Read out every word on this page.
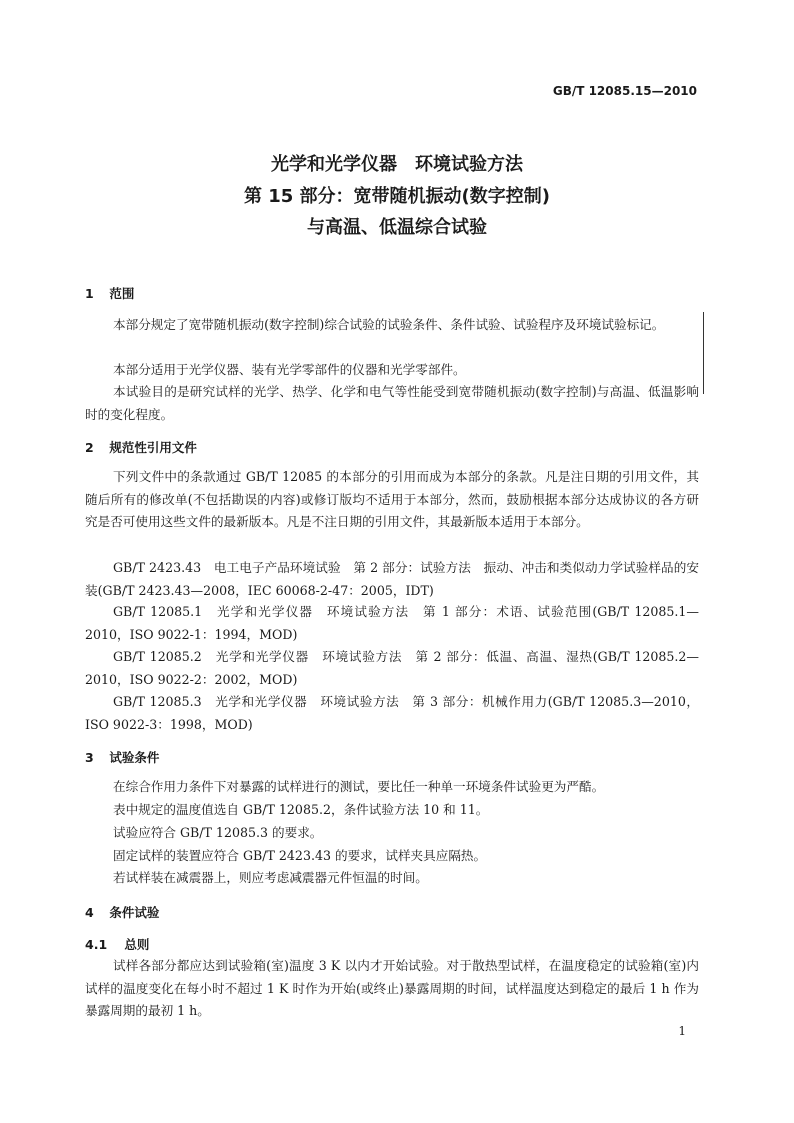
GB/T 12085.15—2010
光学和光学仪器　环境试验方法
第 15 部分：宽带随机振动(数字控制)
与高温、低温综合试验
1 范围

本部分规定了宽带随机振动(数字控制)综合试验的试验条件、条件试验、试验程序及环境试验标记。

本部分适用于光学仪器、装有光学零部件的仪器和光学零部件。

本试验目的是研究试样的光学、热学、化学和电气等性能受到宽带随机振动(数字控制)与高温、低温影响时的变化程度。

2 规范性引用文件

下列文件中的条款通过 GB/T 12085 的本部分的引用而成为本部分的条款。凡是注日期的引用文件，其随后所有的修改单(不包括勘误的内容)或修订版均不适用于本部分，然而，鼓励根据本部分达成协议的各方研究是否可使用这些文件的最新版本。凡是不注日期的引用文件，其最新版本适用于本部分。

GB/T 2423.43　电工电子产品环境试验　第 2 部分：试验方法　振动、冲击和类似动力学试验样品的安装(GB/T 2423.43—2008，IEC 60068-2-47：2005，IDT)

GB/T 12085.1　光学和光学仪器　环境试验方法　第 1 部分：术语、试验范围(GB/T 12085.1—2010，ISO 9022-1：1994，MOD)

GB/T 12085.2　光学和光学仪器　环境试验方法　第 2 部分：低温、高温、湿热(GB/T 12085.2—2010，ISO 9022-2：2002，MOD)

GB/T 12085.3　光学和光学仪器　环境试验方法　第 3 部分：机械作用力(GB/T 12085.3—2010，ISO 9022-3：1998，MOD)

3 试验条件

在综合作用力条件下对暴露的试样进行的测试，要比任一种单一环境条件试验更为严酷。

表中规定的温度值选自 GB/T 12085.2，条件试验方法 10 和 11。

试验应符合 GB/T 12085.3 的要求。

固定试样的装置应符合 GB/T 2423.43 的要求，试样夹具应隔热。

若试样装在减震器上，则应考虑减震器元件恒温的时间。

4 条件试验
4.1 总则

试样各部分都应达到试验箱(室)温度 3 K 以内才开始试验。对于散热型试样，在温度稳定的试验箱(室)内试样的温度变化在每小时不超过 1 K 时作为开始(或终止)暴露周期的时间，试样温度达到稳定的最后 1 h 作为暴露周期的最初 1 h。

1
